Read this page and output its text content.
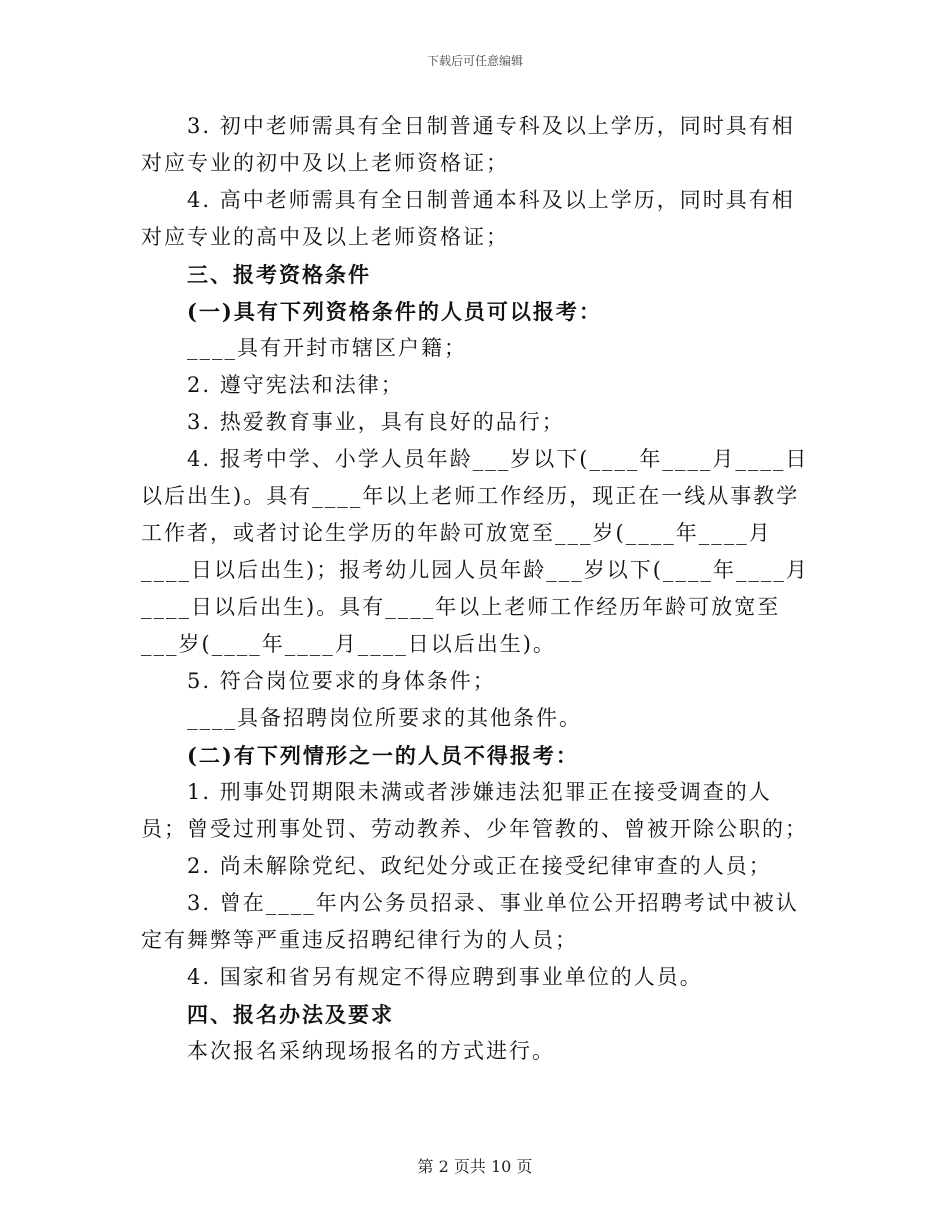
下载后可任意编辑

3. 初中老师需具有全日制普通专科及以上学历，同时具有相对应专业的初中及以上老师资格证；

4. 高中老师需具有全日制普通本科及以上学历，同时具有相对应专业的高中及以上老师资格证；

三、报考资格条件

(一)具有下列资格条件的人员可以报考：

____具有开封市辖区户籍；

2. 遵守宪法和法律；

3. 热爱教育事业，具有良好的品行；

4. 报考中学、小学人员年龄___岁以下(____年____月____日以后出生)。具有____年以上老师工作经历，现正在一线从事教学工作者，或者讨论生学历的年龄可放宽至___岁(____年____月____日以后出生)；报考幼儿园人员年龄___岁以下(____年____月____日以后出生)。具有____年以上老师工作经历年龄可放宽至___岁(____年____月____日以后出生)。

5. 符合岗位要求的身体条件；

____具备招聘岗位所要求的其他条件。

(二)有下列情形之一的人员不得报考：

1. 刑事处罚期限未满或者涉嫌违法犯罪正在接受调查的人员；曾受过刑事处罚、劳动教养、少年管教的、曾被开除公职的；

2. 尚未解除党纪、政纪处分或正在接受纪律审查的人员；

3. 曾在____年内公务员招录、事业单位公开招聘考试中被认定有舞弊等严重违反招聘纪律行为的人员；

4. 国家和省另有规定不得应聘到事业单位的人员。

四、报名办法及要求

本次报名采纳现场报名的方式进行。

第 2 页共 10 页
